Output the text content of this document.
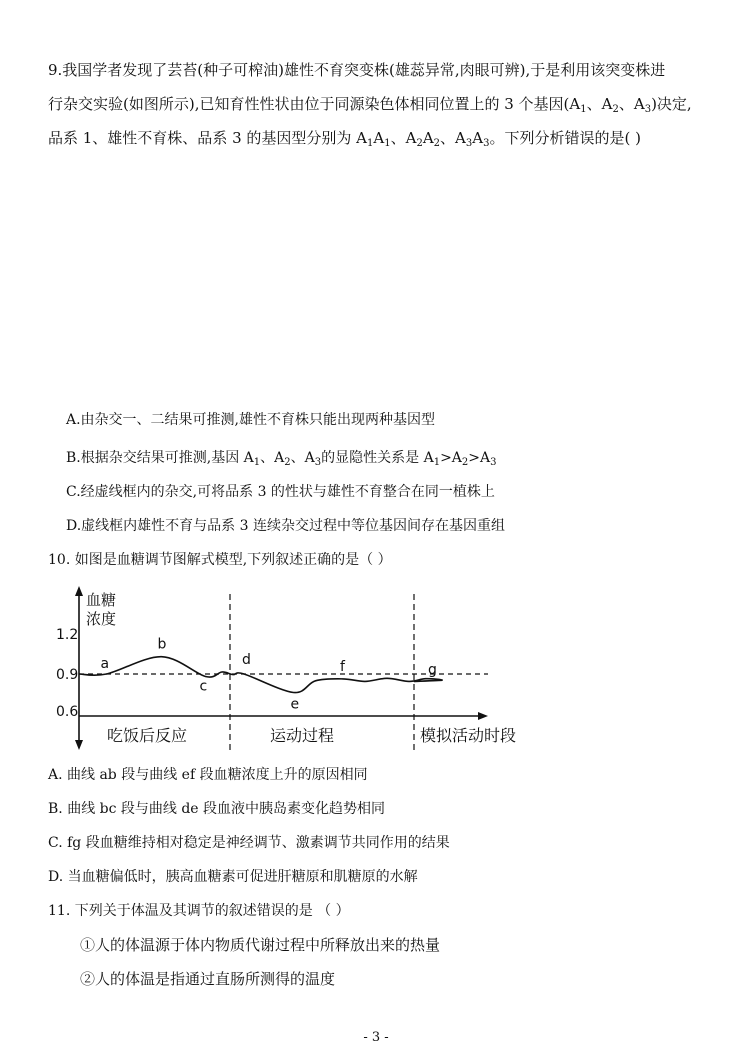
9.我国学者发现了芸苔(种子可榨油)雄性不育突变株(雄蕊异常,肉眼可辨),于是利用该突变株进
行杂交实验(如图所示),已知育性性状由位于同源染色体相同位置上的 3 个基因($A_1$、$A_2$、$A_3$)决定,
品系 1、雄性不育株、品系 3 的基因型分别为 $A_1A_1$、$A_2A_2$、$A_3A_3$。下列分析错误的是( )
A.由杂交一、二结果可推测,雄性不育株只能出现两种基因型
B.根据杂交结果可推测,基因 $A_1$、$A_2$、$A_3$的显隐性关系是 $A_1>A_2>A_3$
C.经虚线框内的杂交,可将品系 3 的性状与雄性不育整合在同一植株上
D.虚线框内雄性不育与品系 3 连续杂交过程中等位基因间存在基因重组
10. 如图是血糖调节图解式模型,下列叙述正确的是（ ）
血糖
浓度
1.2
0.9
0.6
a
b
c
d
e
f	g
吃饭后反应	运动过程	模拟活动时段
A. 曲线 ab 段与曲线 ef 段血糖浓度上升的原因相同
B. 曲线 bc 段与曲线 de 段血液中胰岛素变化趋势相同
C. fg 段血糖维持相对稳定是神经调节、激素调节共同作用的结果
D. 当血糖偏低时，胰高血糖素可促进肝糖原和肌糖原的水解
11. 下列关于体温及其调节的叙述错误的是 （ ）
①人的体温源于体内物质代谢过程中所释放出来的热量
②人的体温是指通过直肠所测得的温度
- 3 -
